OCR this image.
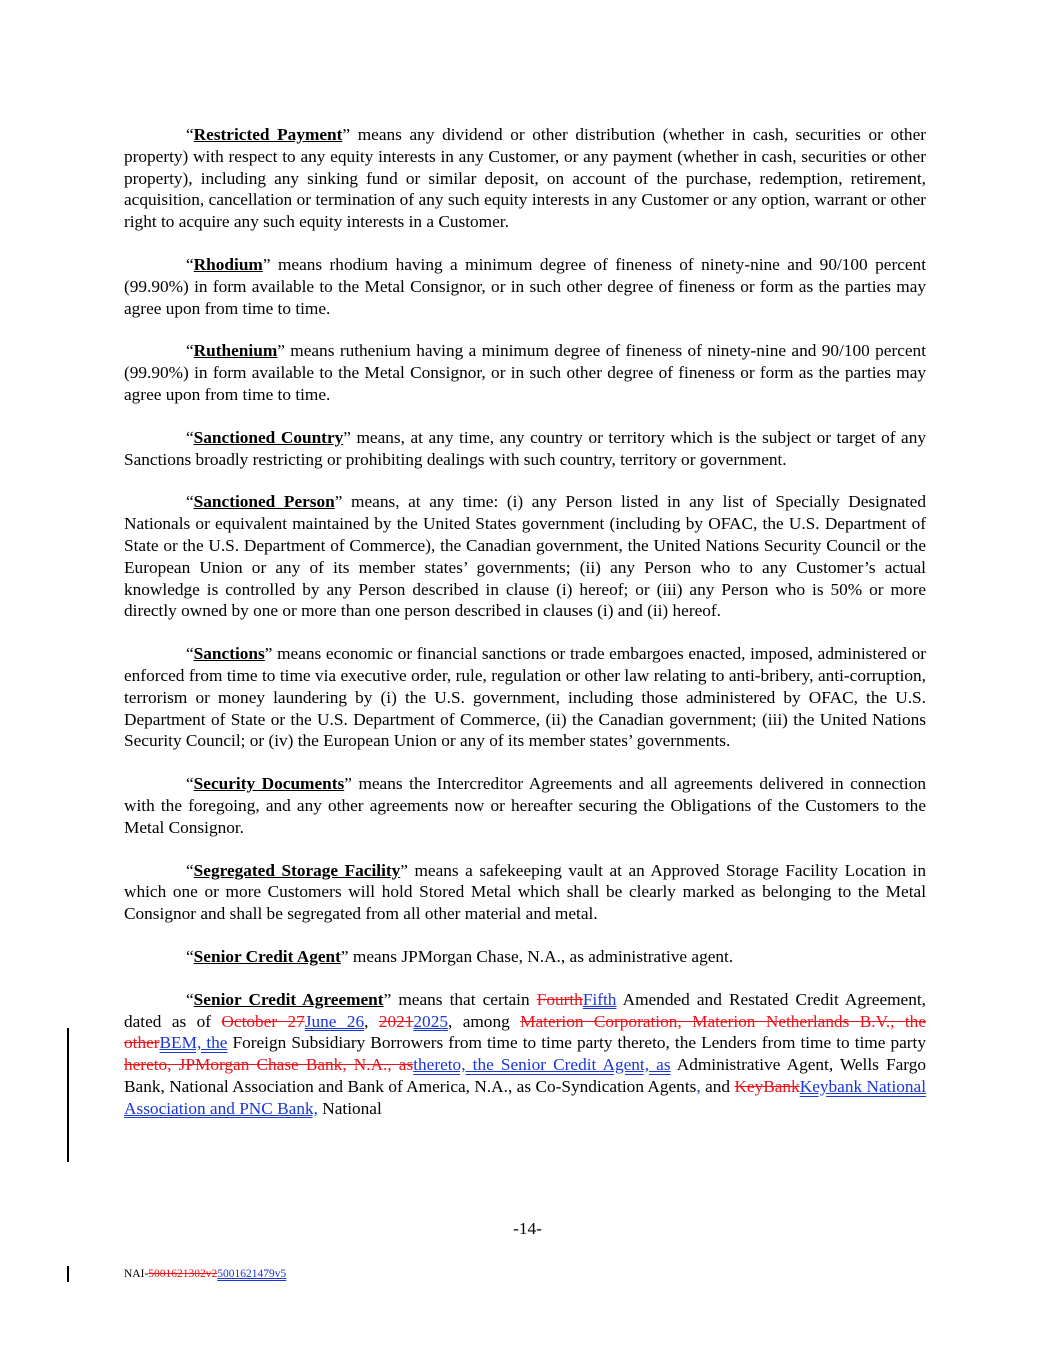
“Restricted Payment” means any dividend or other distribution (whether in cash, securities or other property) with respect to any equity interests in any Customer, or any payment (whether in cash, securities or other property), including any sinking fund or similar deposit, on account of the purchase, redemption, retirement, acquisition, cancellation or termination of any such equity interests in any Customer or any option, warrant or other right to acquire any such equity interests in a Customer.

“Rhodium” means rhodium having a minimum degree of fineness of ninety-nine and 90/100 percent (99.90%) in form available to the Metal Consignor, or in such other degree of fineness or form as the parties may agree upon from time to time.

“Ruthenium” means ruthenium having a minimum degree of fineness of ninety-nine and 90/100 percent (99.90%) in form available to the Metal Consignor, or in such other degree of fineness or form as the parties may agree upon from time to time.

“Sanctioned Country” means, at any time, any country or territory which is the subject or target of any Sanctions broadly restricting or prohibiting dealings with such country, territory or government.

“Sanctioned Person” means, at any time: (i) any Person listed in any list of Specially Designated Nationals or equivalent maintained by the United States government (including by OFAC, the U.S. Department of State or the U.S. Department of Commerce), the Canadian government, the United Nations Security Council or the European Union or any of its member states’ governments; (ii) any Person who to any Customer’s actual knowledge is controlled by any Person described in clause (i) hereof; or (iii) any Person who is 50% or more directly owned by one or more than one person described in clauses (i) and (ii) hereof.

“Sanctions” means economic or financial sanctions or trade embargoes enacted, imposed, administered or enforced from time to time via executive order, rule, regulation or other law relating to anti-bribery, anti-corruption, terrorism or money laundering by (i) the U.S. government, including those administered by OFAC, the U.S. Department of State or the U.S. Department of Commerce, (ii) the Canadian government; (iii) the United Nations Security Council; or (iv) the European Union or any of its member states’ governments.

“Security Documents” means the Intercreditor Agreements and all agreements delivered in connection with the foregoing, and any other agreements now or hereafter securing the Obligations of the Customers to the Metal Consignor.

“Segregated Storage Facility” means a safekeeping vault at an Approved Storage Facility Location in which one or more Customers will hold Stored Metal which shall be clearly marked as belonging to the Metal Consignor and shall be segregated from all other material and metal.

“Senior Credit Agent” means JPMorgan Chase, N.A., as administrative agent.

“Senior Credit Agreement” means that certain FourthFifth Amended and Restated Credit Agreement, dated as of October 27June 26, 20212025, among Materion Corporation, Materion Netherlands B.V., the otherBEM, the Foreign Subsidiary Borrowers from time to time party thereto, the Lenders from time to time party hereto, JPMorgan Chase Bank, N.A., asthereto, the Senior Credit Agent, as Administrative Agent, Wells Fargo Bank, National Association and Bank of America, N.A., as Co-Syndication Agents, and KeyBankKeybank National Association and PNC Bank, National

-14-
NAI-5001621302v25001621479v5
